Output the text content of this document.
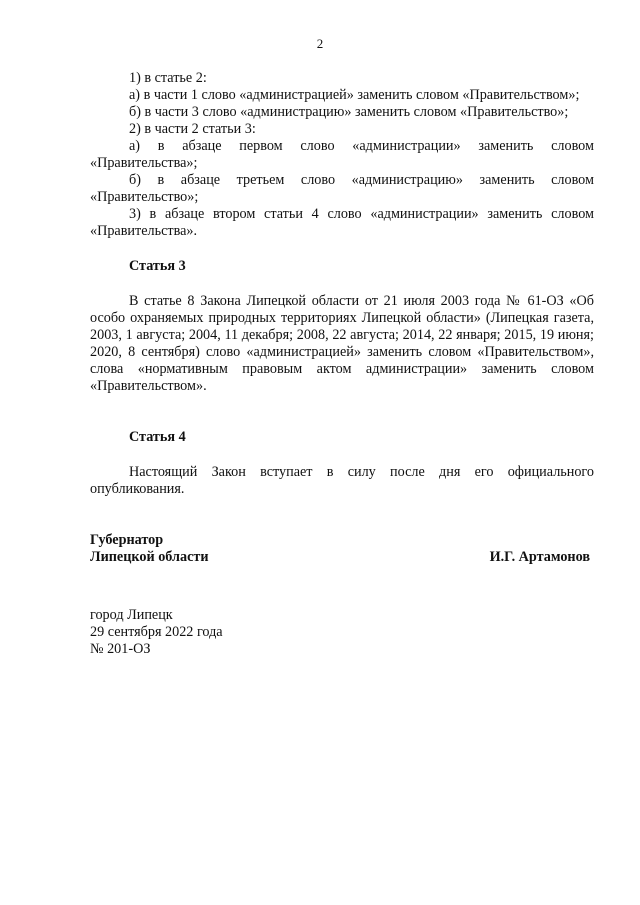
2

1) в статье 2:

а) в части 1 слово «администрацией» заменить словом «Правительством»;

б) в части 3 слово «администрацию» заменить словом «Правительство»;

2) в части 2 статьи 3:

а) в абзаце первом слово «администрации» заменить словом «Правительства»;

б) в абзаце третьем слово «администрацию» заменить словом «Правительство»;

3) в абзаце втором статьи 4 слово «администрации» заменить словом «Правительства».

Статья 3

В статье 8 Закона Липецкой области от 21 июля 2003 года № 61-ОЗ «Об особо охраняемых природных территориях Липецкой области» (Липецкая газета, 2003, 1 августа; 2004, 11 декабря; 2008, 22 августа; 2014, 22 января; 2015, 19 июня; 2020, 8 сентября) слово «администрацией» заменить словом «Правительством», слова «нормативным правовым актом администрации» заменить словом «Правительством».

Статья 4

Настоящий Закон вступает в силу после дня его официального опубликования.

Губернатор
Липецкой области	И.Г. Артамонов

город Липецк

29 сентября 2022 года

№ 201-ОЗ
